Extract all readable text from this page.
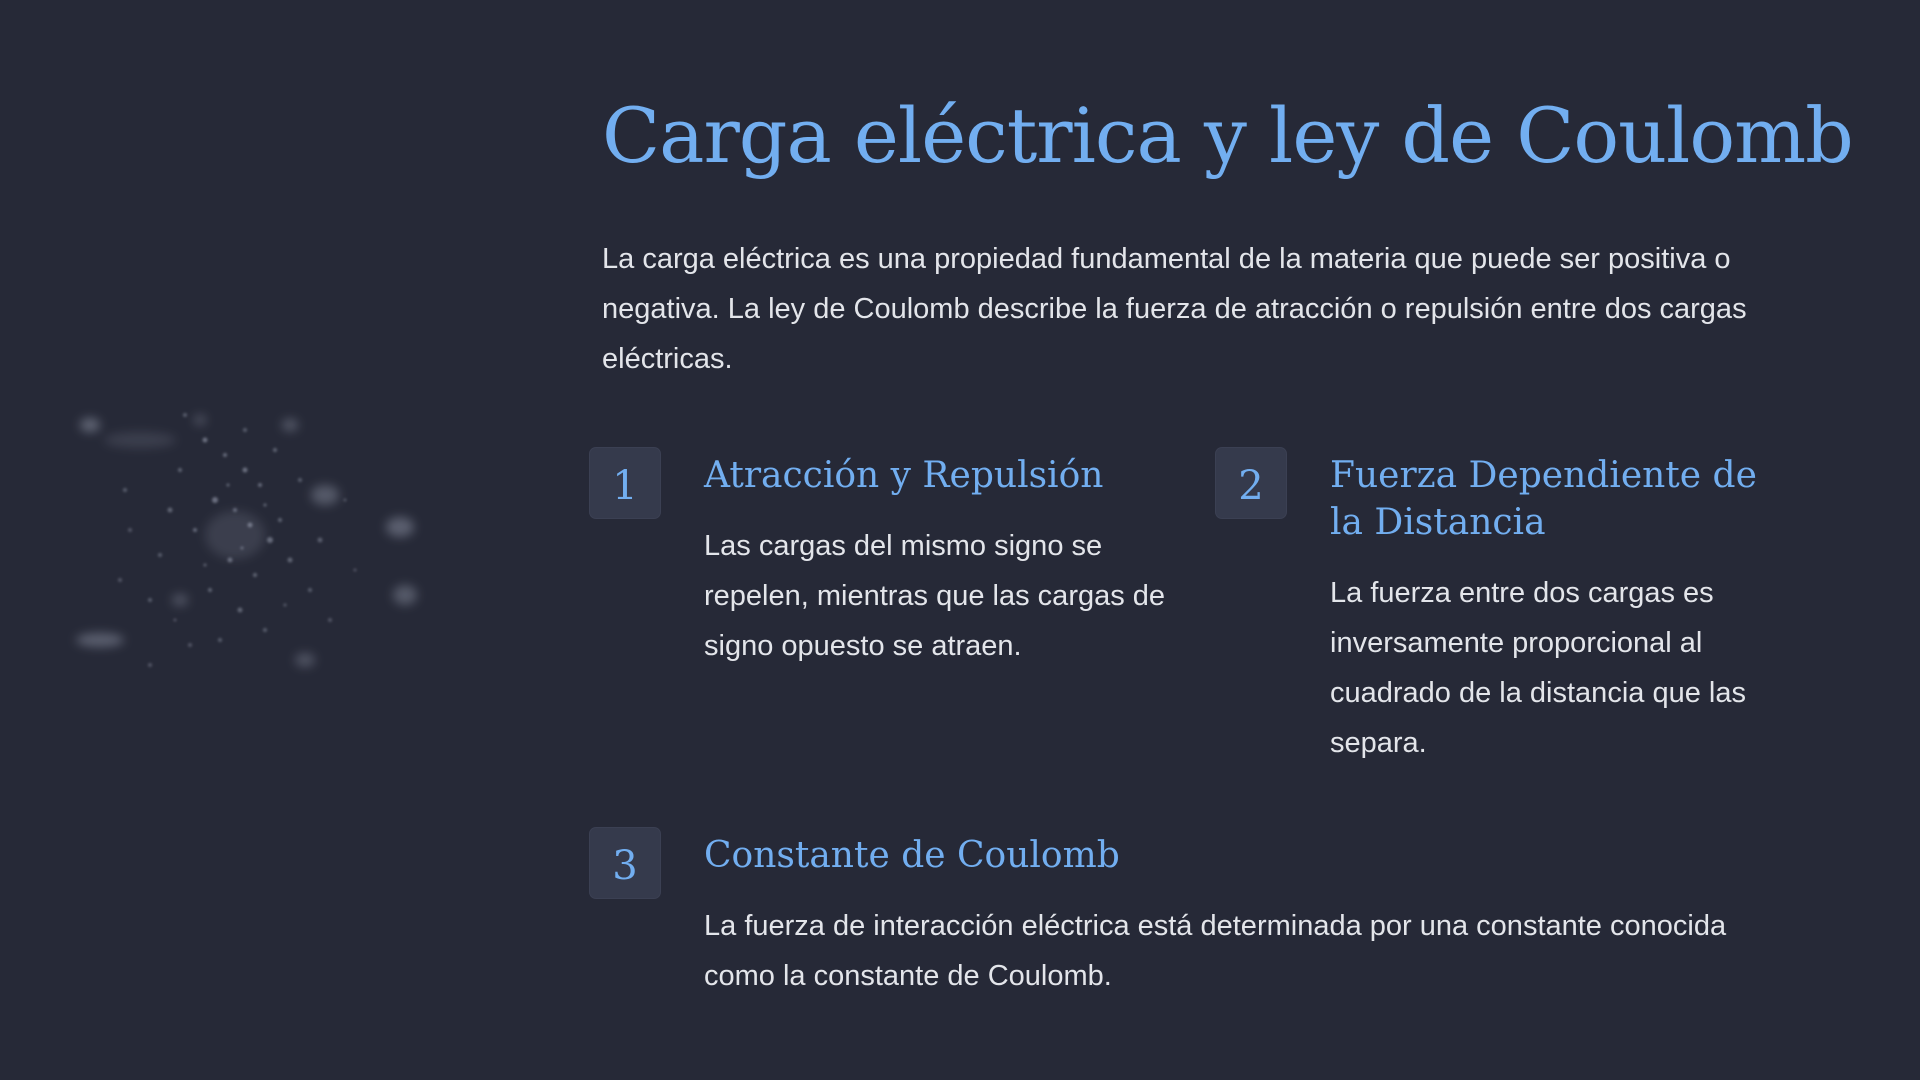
Carga eléctrica y ley de Coulomb

La carga eléctrica es una propiedad fundamental de la materia que puede ser positiva o negativa. La ley de Coulomb describe la fuerza de atracción o repulsión entre dos cargas eléctricas.

1	Atracción y Repulsión

Las cargas del mismo signo se repelen, mientras que las cargas de signo opuesto se atraen.

2	Fuerza Dependiente de la Distancia

La fuerza entre dos cargas es inversamente proporcional al cuadrado de la distancia que las separa.

3	Constante de Coulomb

La fuerza de interacción eléctrica está determinada por una constante conocida como la constante de Coulomb.
